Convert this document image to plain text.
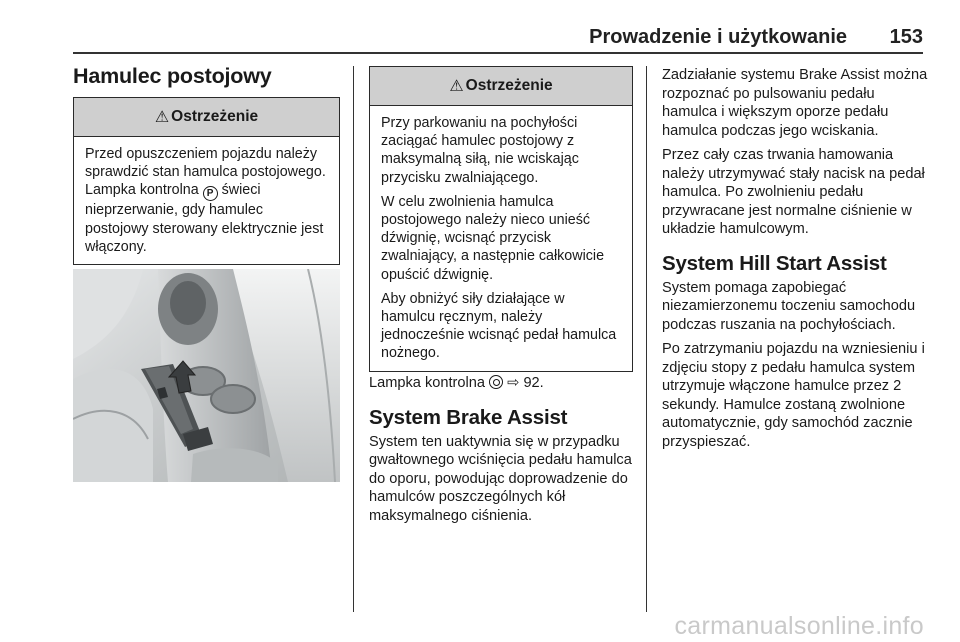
Prowadzenie i użytkowanie 153
Hamulec postojowy
⚠ Ostrzeżenie

Przed opuszczeniem pojazdu należy sprawdzić stan hamulca postojowego. Lampka kontrolna P świeci nieprzerwanie, gdy hamulec postojowy sterowany elektrycznie jest włączony.

⚠ Ostrzeżenie

Przy parkowaniu na pochyłości zaciągać hamulec postojowy z maksymalną siłą, nie wciskając przycisku zwalniającego.

W celu zwolnienia hamulca postojowego należy nieco unieść dźwignię, wcisnąć przycisk zwalniający, a następnie całkowicie opuścić dźwignię.

Aby obniżyć siły działające w hamulcu ręcznym, należy jednocześnie wcisnąć pedał hamulca nożnego.

Lampka kontrolna ⇨ 92.

System Brake Assist

System ten uaktywnia się w przypadku gwałtownego wciśnięcia pedału hamulca do oporu, powodując doprowadzenie do hamulców poszczególnych kół maksymalnego ciśnienia.

Zadziałanie systemu Brake Assist można rozpoznać po pulsowaniu pedału hamulca i większym oporze pedału hamulca podczas jego wciskania.

Przez cały czas trwania hamowania należy utrzymywać stały nacisk na pedał hamulca. Po zwolnieniu pedału przywracane jest normalne ciśnienie w układzie hamulcowym.

System Hill Start Assist

System pomaga zapobiegać niezamierzonemu toczeniu samochodu podczas ruszania na pochyłościach.

Po zatrzymaniu pojazdu na wzniesieniu i zdjęciu stopy z pedału hamulca system utrzymuje włączone hamulce przez 2 sekundy. Hamulce zostaną zwolnione automatycznie, gdy samochód zacznie przyspieszać.

carmanualsonline.info
